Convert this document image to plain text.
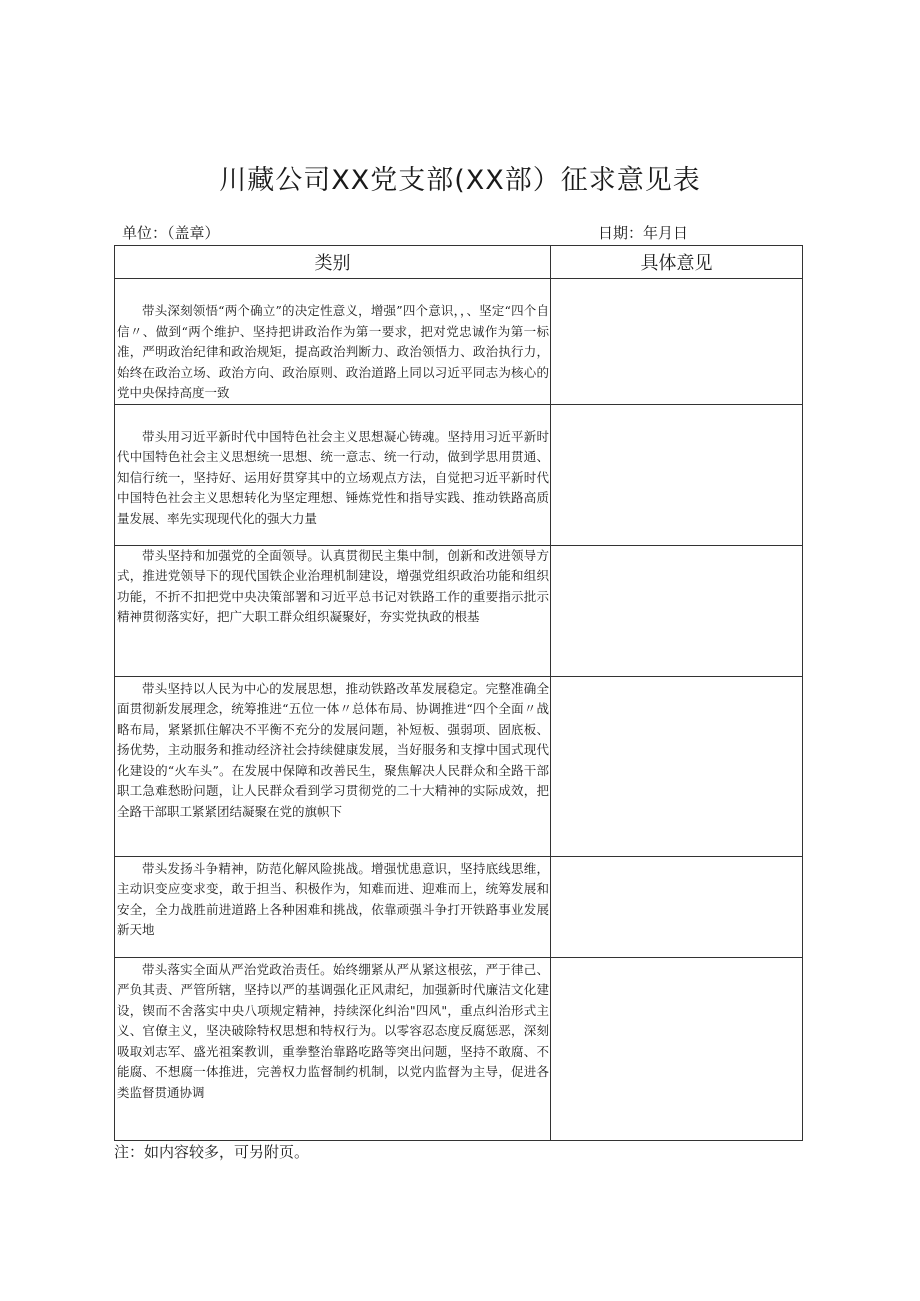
川藏公司XX党支部(XX部）征求意见表
单位：（盖章）	日期：年月日
类别	具体意见

带头深刻领悟“两个确立”的决定性意义，增强”四个意识，，、坚定“四个自信〃、做到“两个维护、坚持把讲政治作为第一要求，把对党忠诚作为第一标准，严明政治纪律和政治规矩，提高政治判断力、政治领悟力、政治执行力，始终在政治立场、政治方向、政治原则、政治道路上同以习近平同志为核心的党中央保持高度一致	

带头用习近平新时代中国特色社会主义思想凝心铸魂。坚持用习近平新时代中国特色社会主义思想统一思想、统一意志、统一行动，做到学思用贯通、知信行统一，坚持好、运用好贯穿其中的立场观点方法，自觉把习近平新时代中国特色社会主义思想转化为坚定理想、锤炼党性和指导实践、推动铁路高质量发展、率先实现现代化的强大力量	

带头坚持和加强党的全面领导。认真贯彻民主集中制，创新和改进领导方式，推进党领导下的现代国铁企业治理机制建设，增强党组织政治功能和组织功能，不折不扣把党中央决策部署和习近平总书记对铁路工作的重要指示批示精神贯彻落实好，把广大职工群众组织凝聚好，夯实党执政的根基	

带头坚持以人民为中心的发展思想，推动铁路改革发展稳定。完整准确全面贯彻新发展理念，统筹推进“五位一体〃总体布局、协调推进“四个全面〃战略布局，紧紧抓住解决不平衡不充分的发展问题，补短板、强弱项、固底板、扬优势，主动服务和推动经济社会持续健康发展，当好服务和支撑中国式现代化建设的“火车头”。在发展中保障和改善民生，聚焦解决人民群众和全路干部职工急难愁盼问题，让人民群众看到学习贯彻党的二十大精神的实际成效，把全路干部职工紧紧团结凝聚在党的旗帜下	

带头发扬斗争精神，防范化解风险挑战。增强忧患意识，坚持底线思维，主动识变应变求变，敢于担当、积极作为，知难而进、迎难而上，统筹发展和安全，全力战胜前进道路上各种困难和挑战，依靠顽强斗争打开铁路事业发展新天地	

带头落实全面从严治党政治责任。始终绷紧从严从紧这根弦，严于律己、严负其责、严管所辖，坚持以严的基调强化正风肃纪，加强新时代廉洁文化建设，锲而不舍落实中央八项规定精神，持续深化纠治"四风"，重点纠治形式主义、官僚主义，坚决破除特权思想和特权行为。以零容忍态度反腐惩恶，深刻吸取刘志军、盛光祖案教训，重拳整治靠路吃路等突出问题，坚持不敢腐、不能腐、不想腐一体推进，完善权力监督制约机制，以党内监督为主导，促进各类监督贯通协调	

注：如内容较多，可另附页。
